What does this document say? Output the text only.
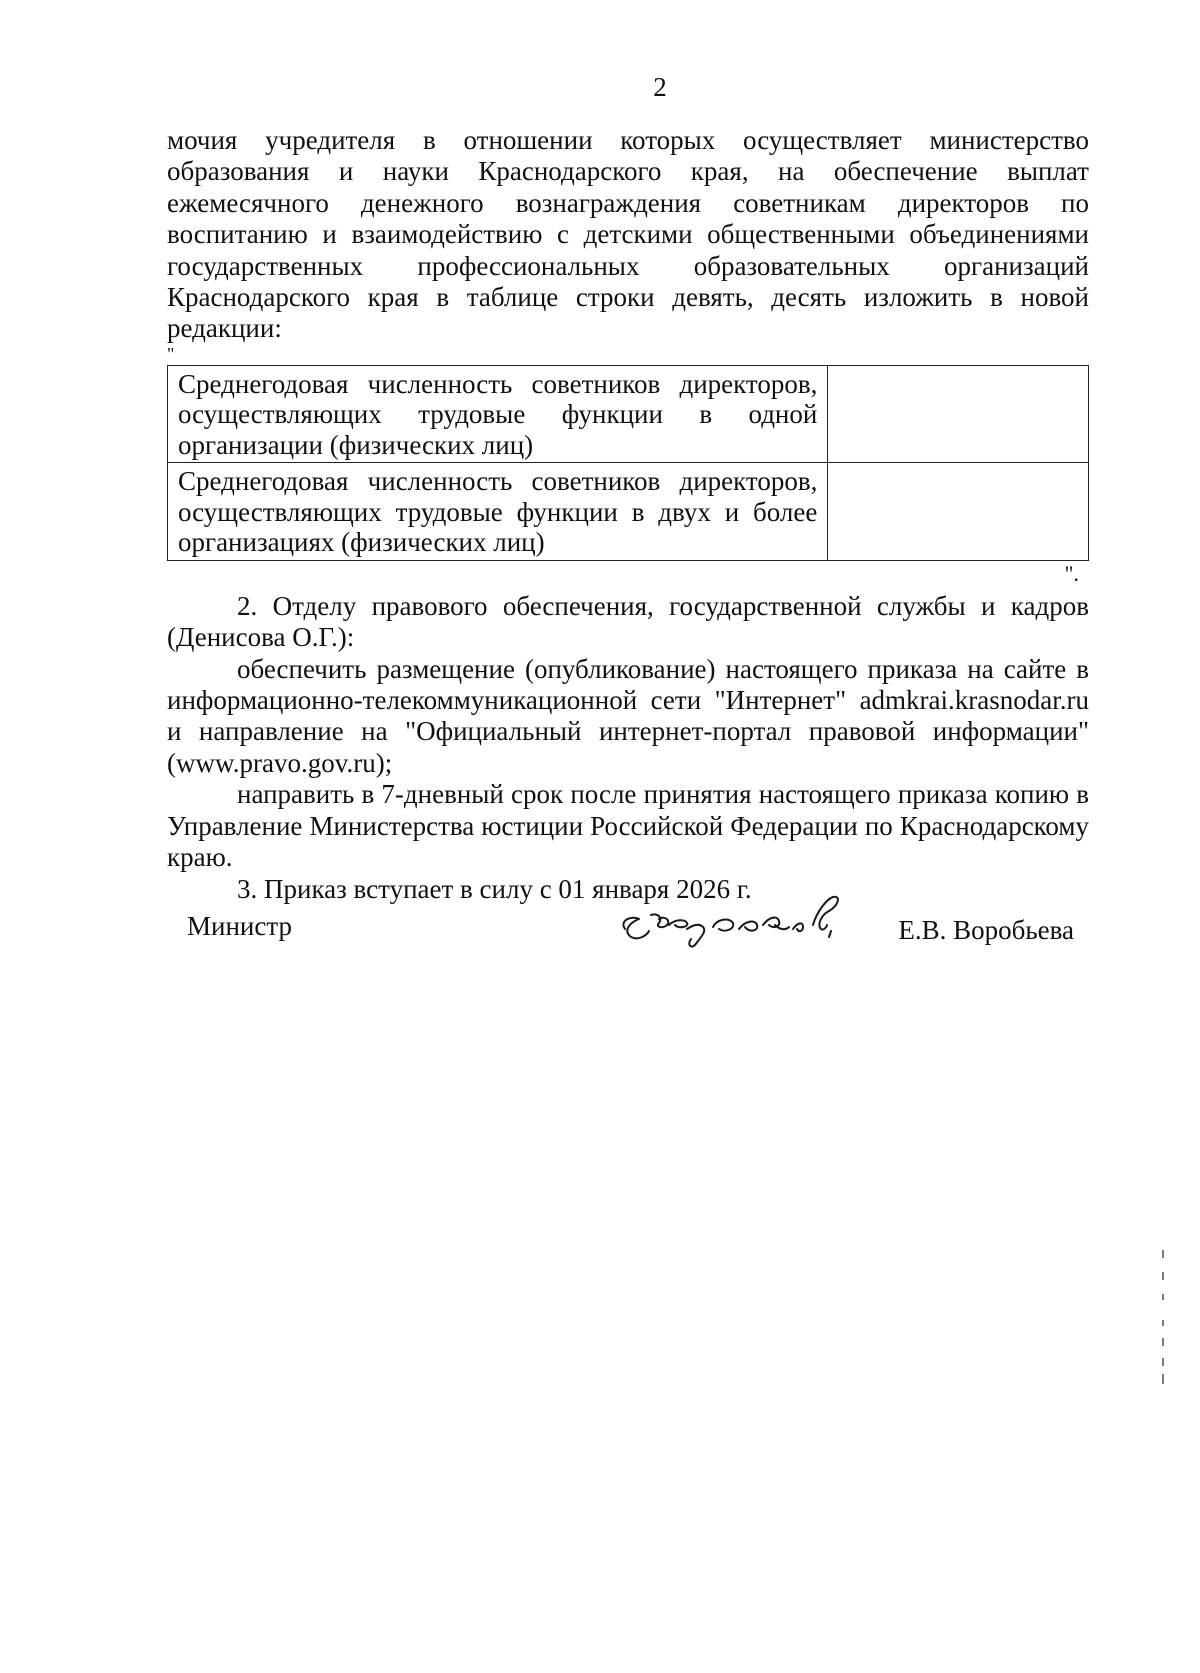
2

мочия учредителя в отношении которых осуществляет министерство образования и науки Краснодарского края, на обеспечение выплат ежемесячного денежного вознаграждения советникам директоров по воспитанию и взаимодействию с детскими общественными объединениями государственных профессиональных образовательных организаций Краснодарского края в таблице строки девять, десять изложить в новой редакции:

"

Среднегодовая численность советников директоров, осуществляющих трудовые функции в одной организации (физических лиц)	
Среднегодовая численность советников директоров, осуществляющих трудовые функции в двух и более организациях (физических лиц)	

".

2. Отделу правового обеспечения, государственной службы и кадров (Денисова О.Г.):

обеспечить размещение (опубликование) настоящего приказа на сайте в информационно-телекоммуникационной сети "Интернет" admkrai.krasnodar.ru и направление на "Официальный интернет-портал правовой информации" (www.pravo.gov.ru);

направить в 7-дневный срок после принятия настоящего приказа копию в Управление Министерства юстиции Российской Федерации по Краснодарскому краю.

3. Приказ вступает в силу с 01 января 2026 г.

Министр	Е.В. Воробьева
